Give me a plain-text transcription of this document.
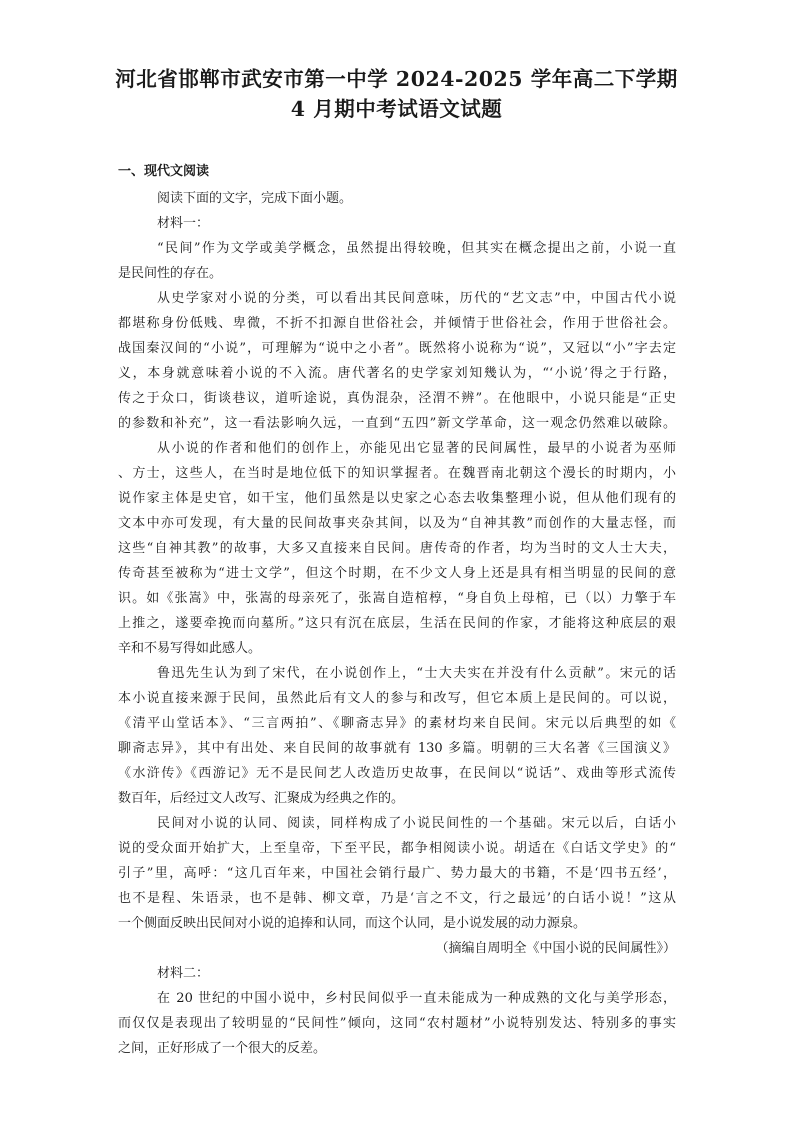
河北省邯郸市武安市第一中学 2024-2025 学年高二下学期
4 月期中考试语文试题
一、现代文阅读
阅读下面的文字，完成下面小题。
材料一：
“民间”作为文学或美学概念，虽然提出得较晚，但其实在概念提出之前，小说一直
是民间性的存在。
从史学家对小说的分类，可以看出其民间意味，历代的“艺文志”中，中国古代小说
都堪称身份低贱、卑微，不折不扣源自世俗社会，并倾情于世俗社会，作用于世俗社会。
战国秦汉间的“小说”，可理解为“说中之小者”。既然将小说称为“说”，又冠以“小”字去定
义，本身就意味着小说的不入流。唐代著名的史学家刘知幾认为，“‘小说’得之于行路，
传之于众口，街谈巷议，道听途说，真伪混杂，泾渭不辨”。在他眼中，小说只能是“正史
的参数和补充”，这一看法影响久远，一直到“五四”新文学革命，这一观念仍然难以破除。
从小说的作者和他们的创作上，亦能见出它显著的民间属性，最早的小说者为巫师
、方士，这些人，在当时是地位低下的知识掌握者。在魏晋南北朝这个漫长的时期内，小
说作家主体是史官，如干宝，他们虽然是以史家之心态去收集整理小说，但从他们现有的
文本中亦可发现，有大量的民间故事夹杂其间，以及为“自神其教”而创作的大量志怪，而
这些“自神其教”的故事，大多又直接来自民间。唐传奇的作者，均为当时的文人士大夫，
传奇甚至被称为“进士文学”，但这个时期，在不少文人身上还是具有相当明显的民间的意
识。如《张嵩》中，张嵩的母亲死了，张嵩自造棺椁，“身自负上母棺，已（以）力擎于车
上推之，遂要牵挽而向墓所。”这只有沉在底层，生活在民间的作家，才能将这种底层的艰
辛和不易写得如此感人。
鲁迅先生认为到了宋代，在小说创作上，“士大夫实在并没有什么贡献”。宋元的话
本小说直接来源于民间，虽然此后有文人的参与和改写，但它本质上是民间的。可以说，
《清平山堂话本》、“三言两拍”、《聊斋志异》的素材均来自民间。宋元以后典型的如《
聊斋志异》，其中有出处、来自民间的故事就有 130 多篇。明朝的三大名著《三国演义》
《水浒传》《西游记》无不是民间艺人改造历史故事，在民间以“说话”、戏曲等形式流传
数百年，后经过文人改写、汇聚成为经典之作的。
民间对小说的认同、阅读，同样构成了小说民间性的一个基础。宋元以后，白话小
说的受众面开始扩大，上至皇帝，下至平民，都争相阅读小说。胡适在《白话文学史》的“
引子”里，高呼：“这几百年来，中国社会销行最广、势力最大的书籍，不是‘四书五经’，
也不是程、朱语录，也不是韩、柳文章，乃是‘言之不文，行之最远’的白话小说！”这从
一个侧面反映出民间对小说的追捧和认同，而这个认同，是小说发展的动力源泉。
（摘编自周明全《中国小说的民间属性》）
材料二：
在 20 世纪的中国小说中，乡村民间似乎一直未能成为一种成熟的文化与美学形态，
而仅仅是表现出了较明显的“民间性”倾向，这同“农村题材”小说特别发达、特别多的事实
之间，正好形成了一个很大的反差。
